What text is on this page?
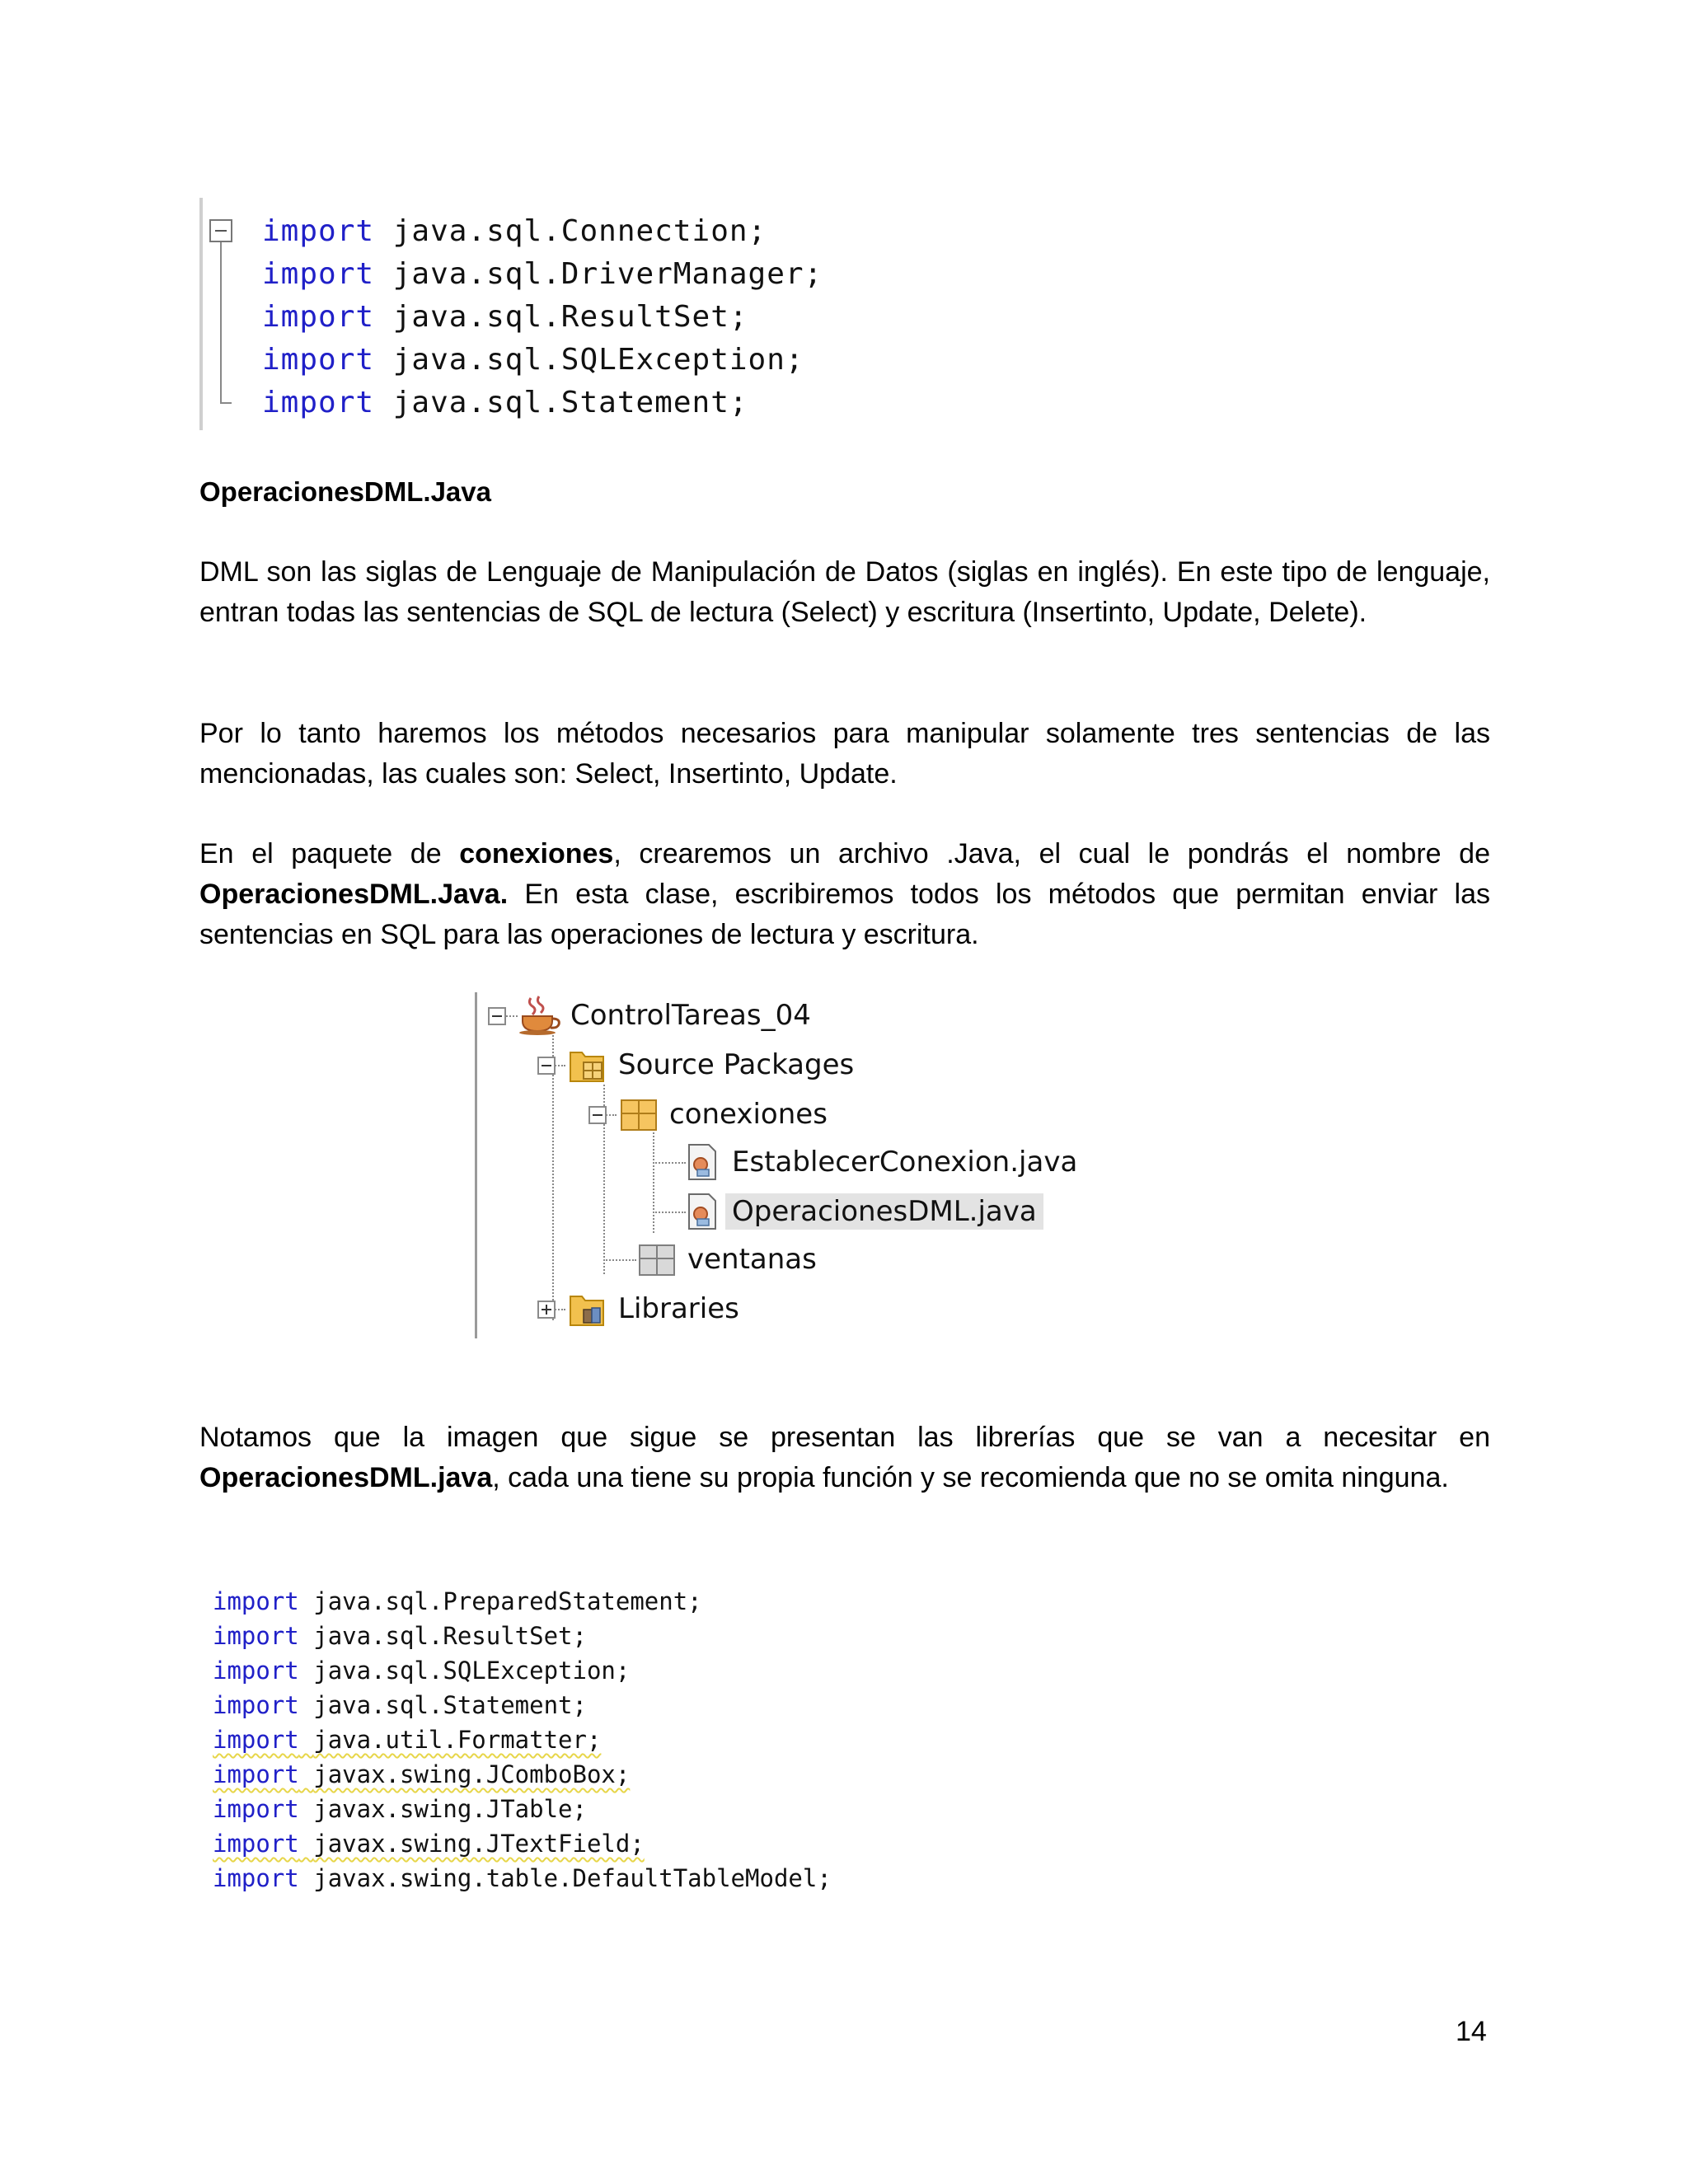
import java.sql.Connection;
import java.sql.DriverManager;
import java.sql.ResultSet;
import java.sql.SQLException;
import java.sql.Statement;
OperacionesDML.Java
DML son las siglas de Lenguaje de Manipulación de Datos (siglas en inglés). En este tipo de lenguaje, entran todas las sentencias de SQL de lectura (Select) y escritura (Insertinto, Update, Delete).
Por lo tanto haremos los métodos necesarios para manipular solamente tres sentencias de las mencionadas, las cuales son: Select, Insertinto, Update.
En el paquete de conexiones, crearemos un archivo .Java, el cual le pondrás el nombre de OperacionesDML.Java. En esta clase, escribiremos todos los métodos que permitan enviar las sentencias en SQL para las operaciones de lectura y escritura.
ControlTareas_04
Source Packages
conexiones
EstablecerConexion.java
OperacionesDML.java
ventanas
Libraries
Notamos que la imagen que sigue se presentan las librerías que se van a necesitar en OperacionesDML.java, cada una tiene su propia función y se recomienda que no se omita ninguna.
import java.sql.PreparedStatement;
import java.sql.ResultSet;
import java.sql.SQLException;
import java.sql.Statement;
import java.util.Formatter;
import javax.swing.JComboBox;
import javax.swing.JTable;
import javax.swing.JTextField;
import javax.swing.table.DefaultTableModel;
14
